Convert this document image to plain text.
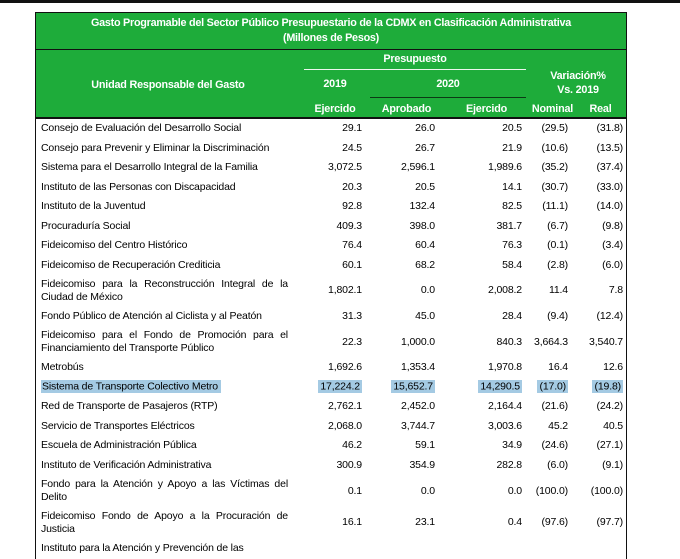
Gasto Programable del Sector Público Presupuestario de la CDMX en Clasificación Administrativa
(Millones de Pesos)
Unidad Responsable del Gasto
Presupuesto
2019	2020
Variación%
Vs. 2019
Ejercido	Aprobado	Ejercido	Nominal	Real
Consejo de Evaluación del Desarrollo Social	29.1	26.0	20.5	(29.5)	(31.8)
Consejo para Prevenir y Eliminar la Discriminación	24.5	26.7	21.9	(10.6)	(13.5)
Sistema para el Desarrollo Integral de la Familia	3,072.5	2,596.1	1,989.6	(35.2)	(37.4)
Instituto de las Personas con Discapacidad	20.3	20.5	14.1	(30.7)	(33.0)
Instituto de la Juventud	92.8	132.4	82.5	(11.1)	(14.0)
Procuraduría Social	409.3	398.0	381.7	(6.7)	(9.8)
Fideicomiso del Centro Histórico	76.4	60.4	76.3	(0.1)	(3.4)
Fideicomiso de Recuperación Crediticia	60.1	68.2	58.4	(2.8)	(6.0)
Fideicomiso para la Reconstrucción Integral de la Ciudad de México
1,802.1	0.0	2,008.2	11.4	7.8
Fondo Público de Atención al Ciclista y al Peatón	31.3	45.0	28.4	(9.4)	(12.4)
Fideicomiso para el Fondo de Promoción para el Financiamiento del Transporte Público
22.3	1,000.0	840.3	3,664.3	3,540.7
Metrobús	1,692.6	1,353.4	1,970.8	16.4	12.6
Sistema de Transporte Colectivo Metro	17,224.2	15,652.7	14,290.5	(17.0)	(19.8)
Red de Transporte de Pasajeros (RTP)	2,762.1	2,452.0	2,164.4	(21.6)	(24.2)
Servicio de Transportes Eléctricos	2,068.0	3,744.7	3,003.6	45.2	40.5
Escuela de Administración Pública	46.2	59.1	34.9	(24.6)	(27.1)
Instituto de Verificación Administrativa	300.9	354.9	282.8	(6.0)	(9.1)
Fondo para la Atención y Apoyo a las Víctimas del Delito
0.1	0.0	0.0	(100.0)	(100.0)
Fideicomiso Fondo de Apoyo a la Procuración de Justicia
16.1	23.1	0.4	(97.6)	(97.7)
Instituto para la Atención y Prevención de las
